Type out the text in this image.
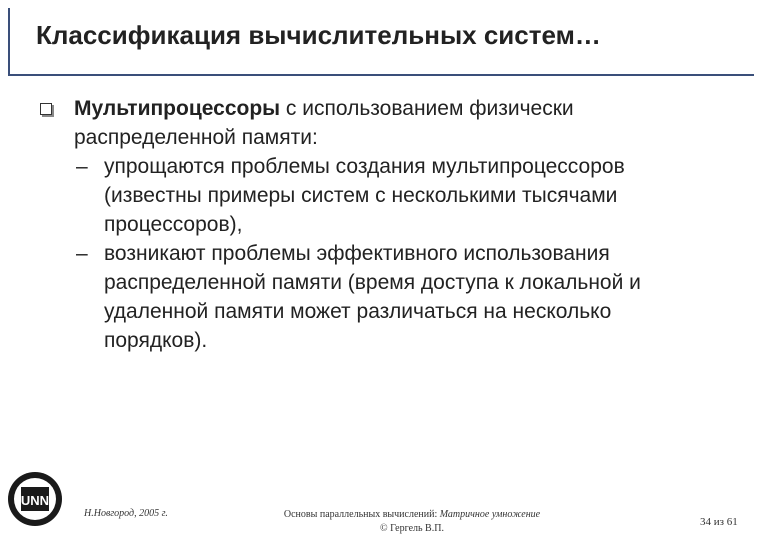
Классификация вычислительных систем…
Мультипроцессоры с использованием физически
распределенной памяти:
– упрощаются проблемы создания мультипроцессоров
(известны примеры систем с несколькими тысячами
процессоров),
– возникают проблемы эффективного использования
распределенной памяти (время доступа к локальной и
удаленной памяти может различаться на несколько
порядков).
UNN
Н.Новгород, 2005 г.	Основы параллельных вычислений: Матричное умножение
© Гергель В.П.
34 из 61
